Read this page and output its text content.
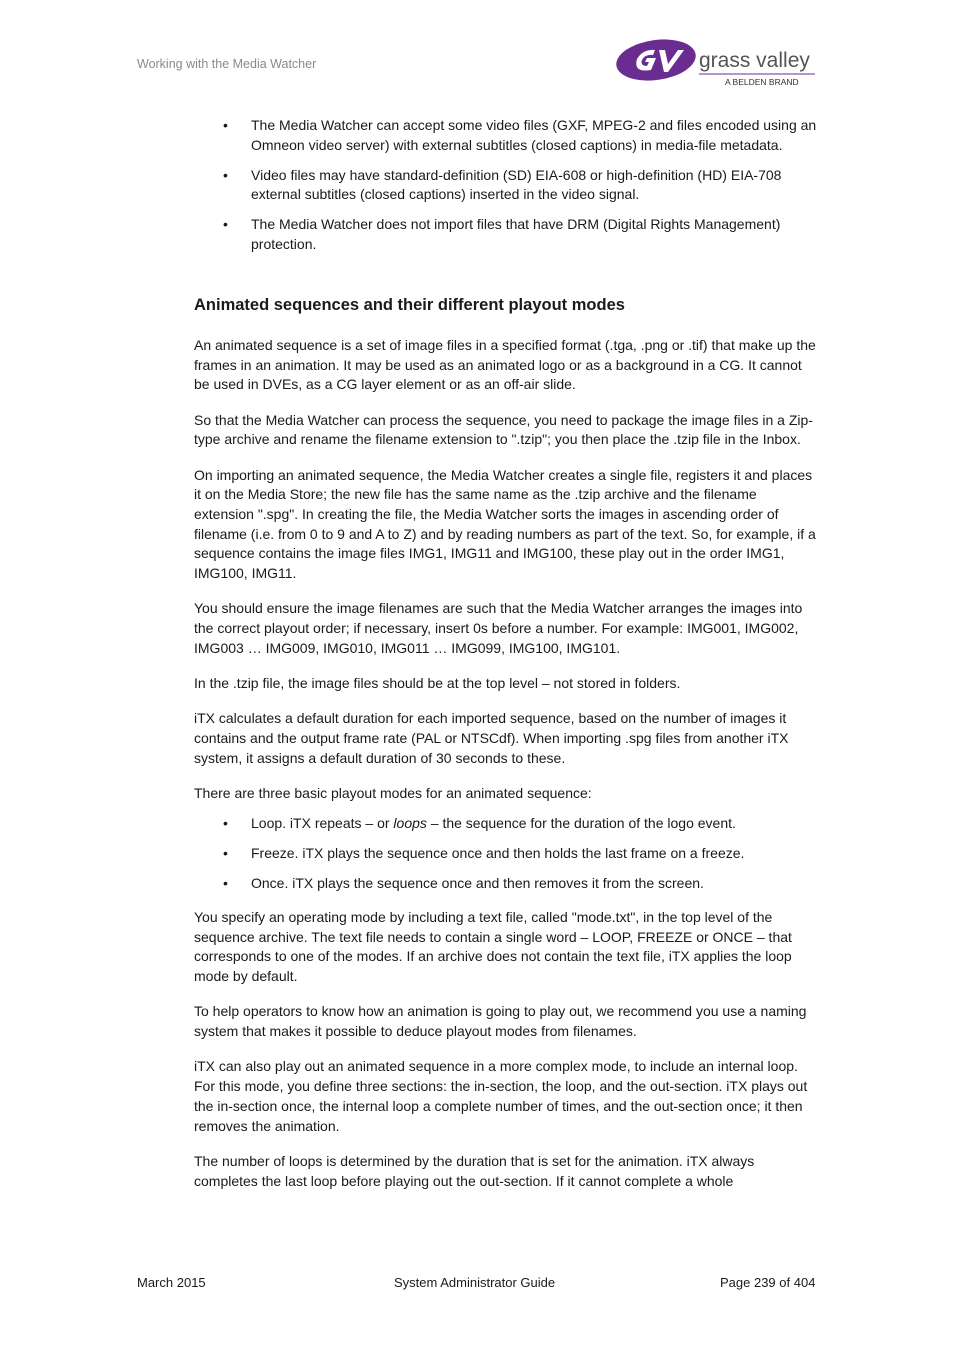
Working with the Media Watcher	grass valley
A BELDEN BRAND
• The Media Watcher can accept some video files (GXF, MPEG-2 and files encoded using an Omneon video server) with external subtitles (closed captions) in media-file metadata.
• Video files may have standard-definition (SD) EIA-608 or high-definition (HD) EIA-708 external subtitles (closed captions) inserted in the video signal.
• The Media Watcher does not import files that have DRM (Digital Rights Management) protection.
Animated sequences and their different playout modes

An animated sequence is a set of image files in a specified format (.tga, .png or .tif) that make up the frames in an animation. It may be used as an animated logo or as a background in a CG. It cannot be used in DVEs, as a CG layer element or as an off-air slide.

So that the Media Watcher can process the sequence, you need to package the image files in a Zip-type archive and rename the filename extension to ".tzip"; you then place the .tzip file in the Inbox.

On importing an animated sequence, the Media Watcher creates a single file, registers it and places it on the Media Store; the new file has the same name as the .tzip archive and the filename extension ".spg". In creating the file, the Media Watcher sorts the images in ascending order of filename (i.e. from 0 to 9 and A to Z) and by reading numbers as part of the text. So, for example, if a sequence contains the image files IMG1, IMG11 and IMG100, these play out in the order IMG1, IMG100, IMG11.

You should ensure the image filenames are such that the Media Watcher arranges the images into the correct playout order; if necessary, insert 0s before a number. For example: IMG001, IMG002, IMG003 … IMG009, IMG010, IMG011 … IMG099, IMG100, IMG101.

In the .tzip file, the image files should be at the top level – not stored in folders.

iTX calculates a default duration for each imported sequence, based on the number of images it contains and the output frame rate (PAL or NTSCdf). When importing .spg files from another iTX system, it assigns a default duration of 30 seconds to these.

There are three basic playout modes for an animated sequence:

• Loop. iTX repeats – or loops – the sequence for the duration of the logo event.
• Freeze. iTX plays the sequence once and then holds the last frame on a freeze.
• Once. iTX plays the sequence once and then removes it from the screen.

You specify an operating mode by including a text file, called "mode.txt", in the top level of the sequence archive. The text file needs to contain a single word – LOOP, FREEZE or ONCE – that corresponds to one of the modes. If an archive does not contain the text file, iTX applies the loop mode by default.

To help operators to know how an animation is going to play out, we recommend you use a naming system that makes it possible to deduce playout modes from filenames.

iTX can also play out an animated sequence in a more complex mode, to include an internal loop. For this mode, you define three sections: the in-section, the loop, and the out-section. iTX plays out the in-section once, the internal loop a complete number of times, and the out-section once; it then removes the animation.

The number of loops is determined by the duration that is set for the animation. iTX always completes the last loop before playing out the out-section. If it cannot complete a whole

March 2015	System Administrator Guide	Page 239 of 404
